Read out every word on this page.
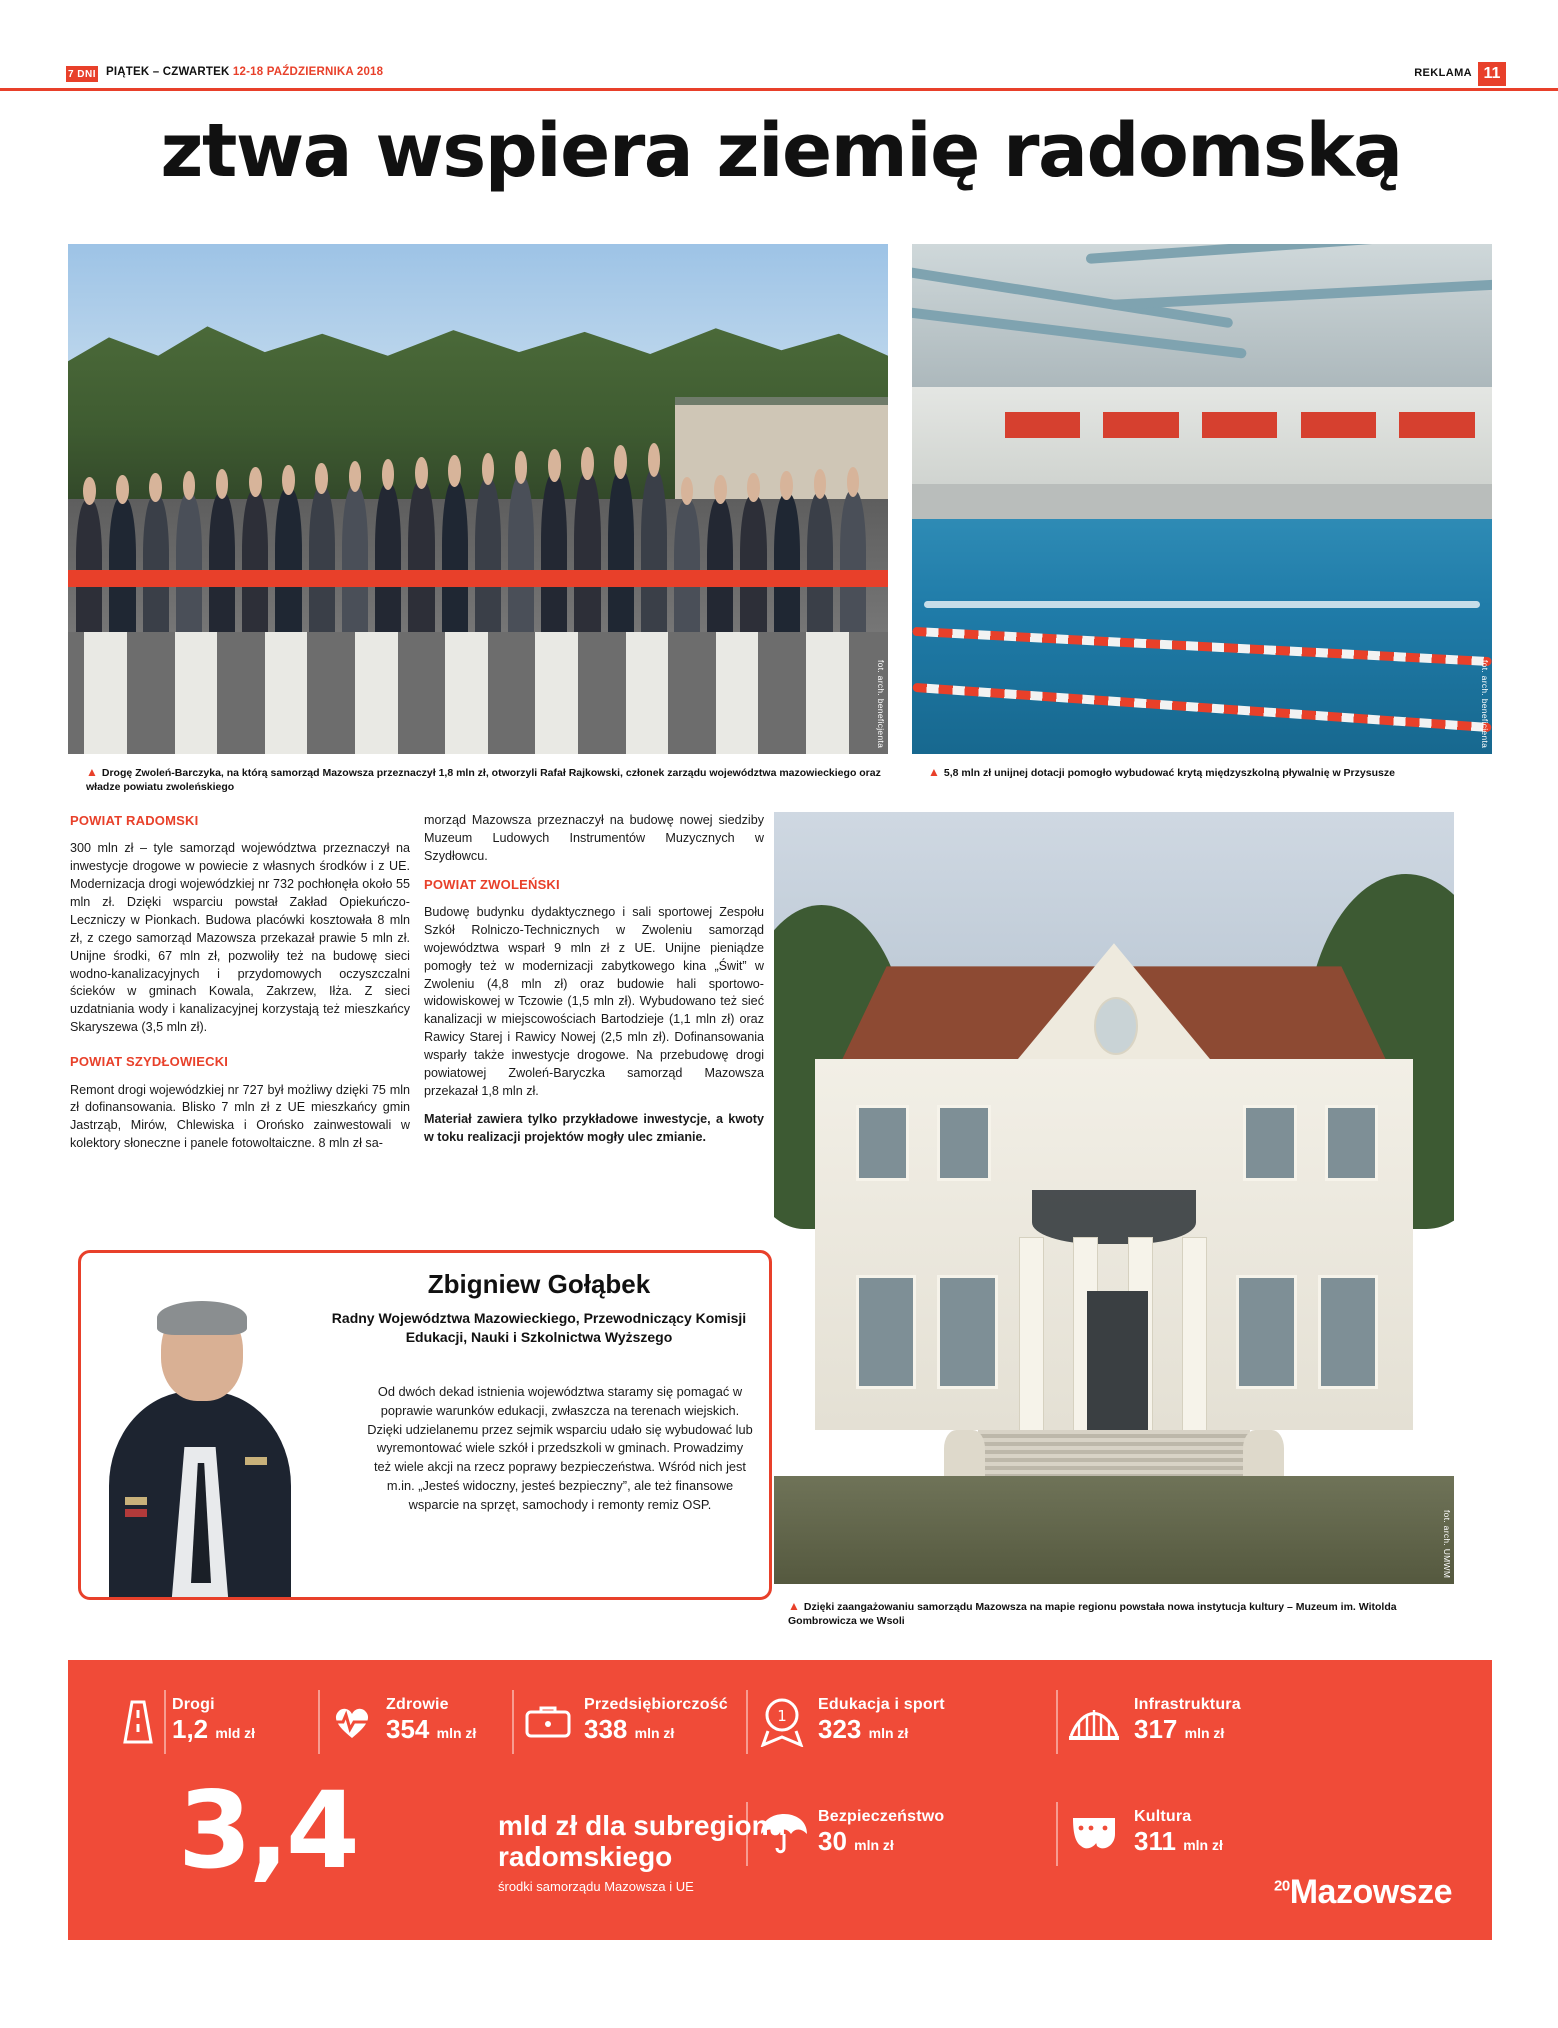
7 DNI PIĄTEK – CZWARTEK 12-18 PAŹDZIERNIKA 2018	REKLAMA 11
ztwa wspiera ziemię radomską
fot. arch. beneficjenta	fot. arch. beneficjenta
▲ Drogę Zwoleń-Barczyka, na którą samorząd Mazowsza przeznaczył 1,8 mln zł, otworzyli Rafał Rajkowski, członek zarządu województwa mazowieckiego oraz władze powiatu zwoleńskiego
▲ 5,8 mln zł unijnej dotacji pomogło wybudować krytą międzyszkolną pływalnię w Przysusze

POWIAT RADOMSKI

300 mln zł – tyle samorząd województwa przeznaczył na inwestycje drogowe w powiecie z własnych środków i z UE. Modernizacja drogi wojewódzkiej nr 732 pochłonęła około 55 mln zł. Dzięki wsparciu powstał Zakład Opiekuńczo-Leczniczy w Pionkach. Budowa placówki kosztowała 8 mln zł, z czego samorząd Mazowsza przekazał prawie 5 mln zł. Unijne środki, 67 mln zł, pozwoliły też na budowę sieci wodno-kanalizacyjnych i przydomowych oczyszczalni ścieków w gminach Kowala, Zakrzew, Iłża. Z sieci uzdatniania wody i kanalizacyjnej korzystają też mieszkańcy Skaryszewa (3,5 mln zł).

POWIAT SZYDŁOWIECKI

Remont drogi wojewódzkiej nr 727 był możliwy dzięki 75 mln zł dofinansowania. Blisko 7 mln zł z UE mieszkańcy gmin Jastrząb, Mirów, Chlewiska i Orońsko zainwestowali w kolektory słoneczne i panele fotowoltaiczne. 8 mln zł sa-

morząd Mazowsza przeznaczył na budowę nowej siedziby Muzeum Ludowych Instrumentów Muzycznych w Szydłowcu.

POWIAT ZWOLEŃSKI

Budowę budynku dydaktycznego i sali sportowej Zespołu Szkół Rolniczo-Technicznych w Zwoleniu samorząd województwa wsparł 9 mln zł z UE. Unijne pieniądze pomogły też w modernizacji zabytkowego kina „Świt” w Zwoleniu (4,8 mln zł) oraz budowie hali sportowo-widowiskowej w Tczowie (1,5 mln zł). Wybudowano też sieć kanalizacji w miejscowościach Bartodzieje (1,1 mln zł) oraz Rawicy Starej i Rawicy Nowej (2,5 mln zł). Dofinansowania wsparły także inwestycje drogowe. Na przebudowę drogi powiatowej Zwoleń-Baryczka samorząd Mazowsza przekazał 1,8 mln zł.

Materiał zawiera tylko przykładowe inwestycje, a kwoty w toku realizacji projektów mogły ulec zmianie.

Zbigniew Gołąbek
Radny Województwa Mazowieckiego, Przewodniczący Komisji Edukacji, Nauki i Szkolnictwa Wyższego
Od dwóch dekad istnienia województwa staramy się pomagać w poprawie warunków edukacji, zwłaszcza na terenach wiejskich. Dzięki udzielanemu przez sejmik wsparciu udało się wybudować lub wyremontować wiele szkół i przedszkoli w gminach. Prowadzimy też wiele akcji na rzecz poprawy bezpieczeństwa. Wśród nich jest m.in. „Jesteś widoczny, jesteś bezpieczny”, ale też finansowe wsparcie na sprzęt, samochody i remonty remiz OSP.
fot. arch. UMWM
▲ Dzięki zaangażowaniu samorządu Mazowsza na mapie regionu powstała nowa instytucja kultury – Muzeum im. Witolda Gombrowicza we Wsoli
Drogi
1,2 mld zł
Zdrowie
354 mln zł
Przedsiębiorczość
338 mln zł
1
Edukacja i sport
323 mln zł
Infrastruktura
317 mln zł
Bezpieczeństwo
30 mln zł
Kultura
311 mln zł
3,4	mld zł dla subregionu
radomskiego
środki samorządu Mazowsza i UE	$^{20}$Mazowsze
